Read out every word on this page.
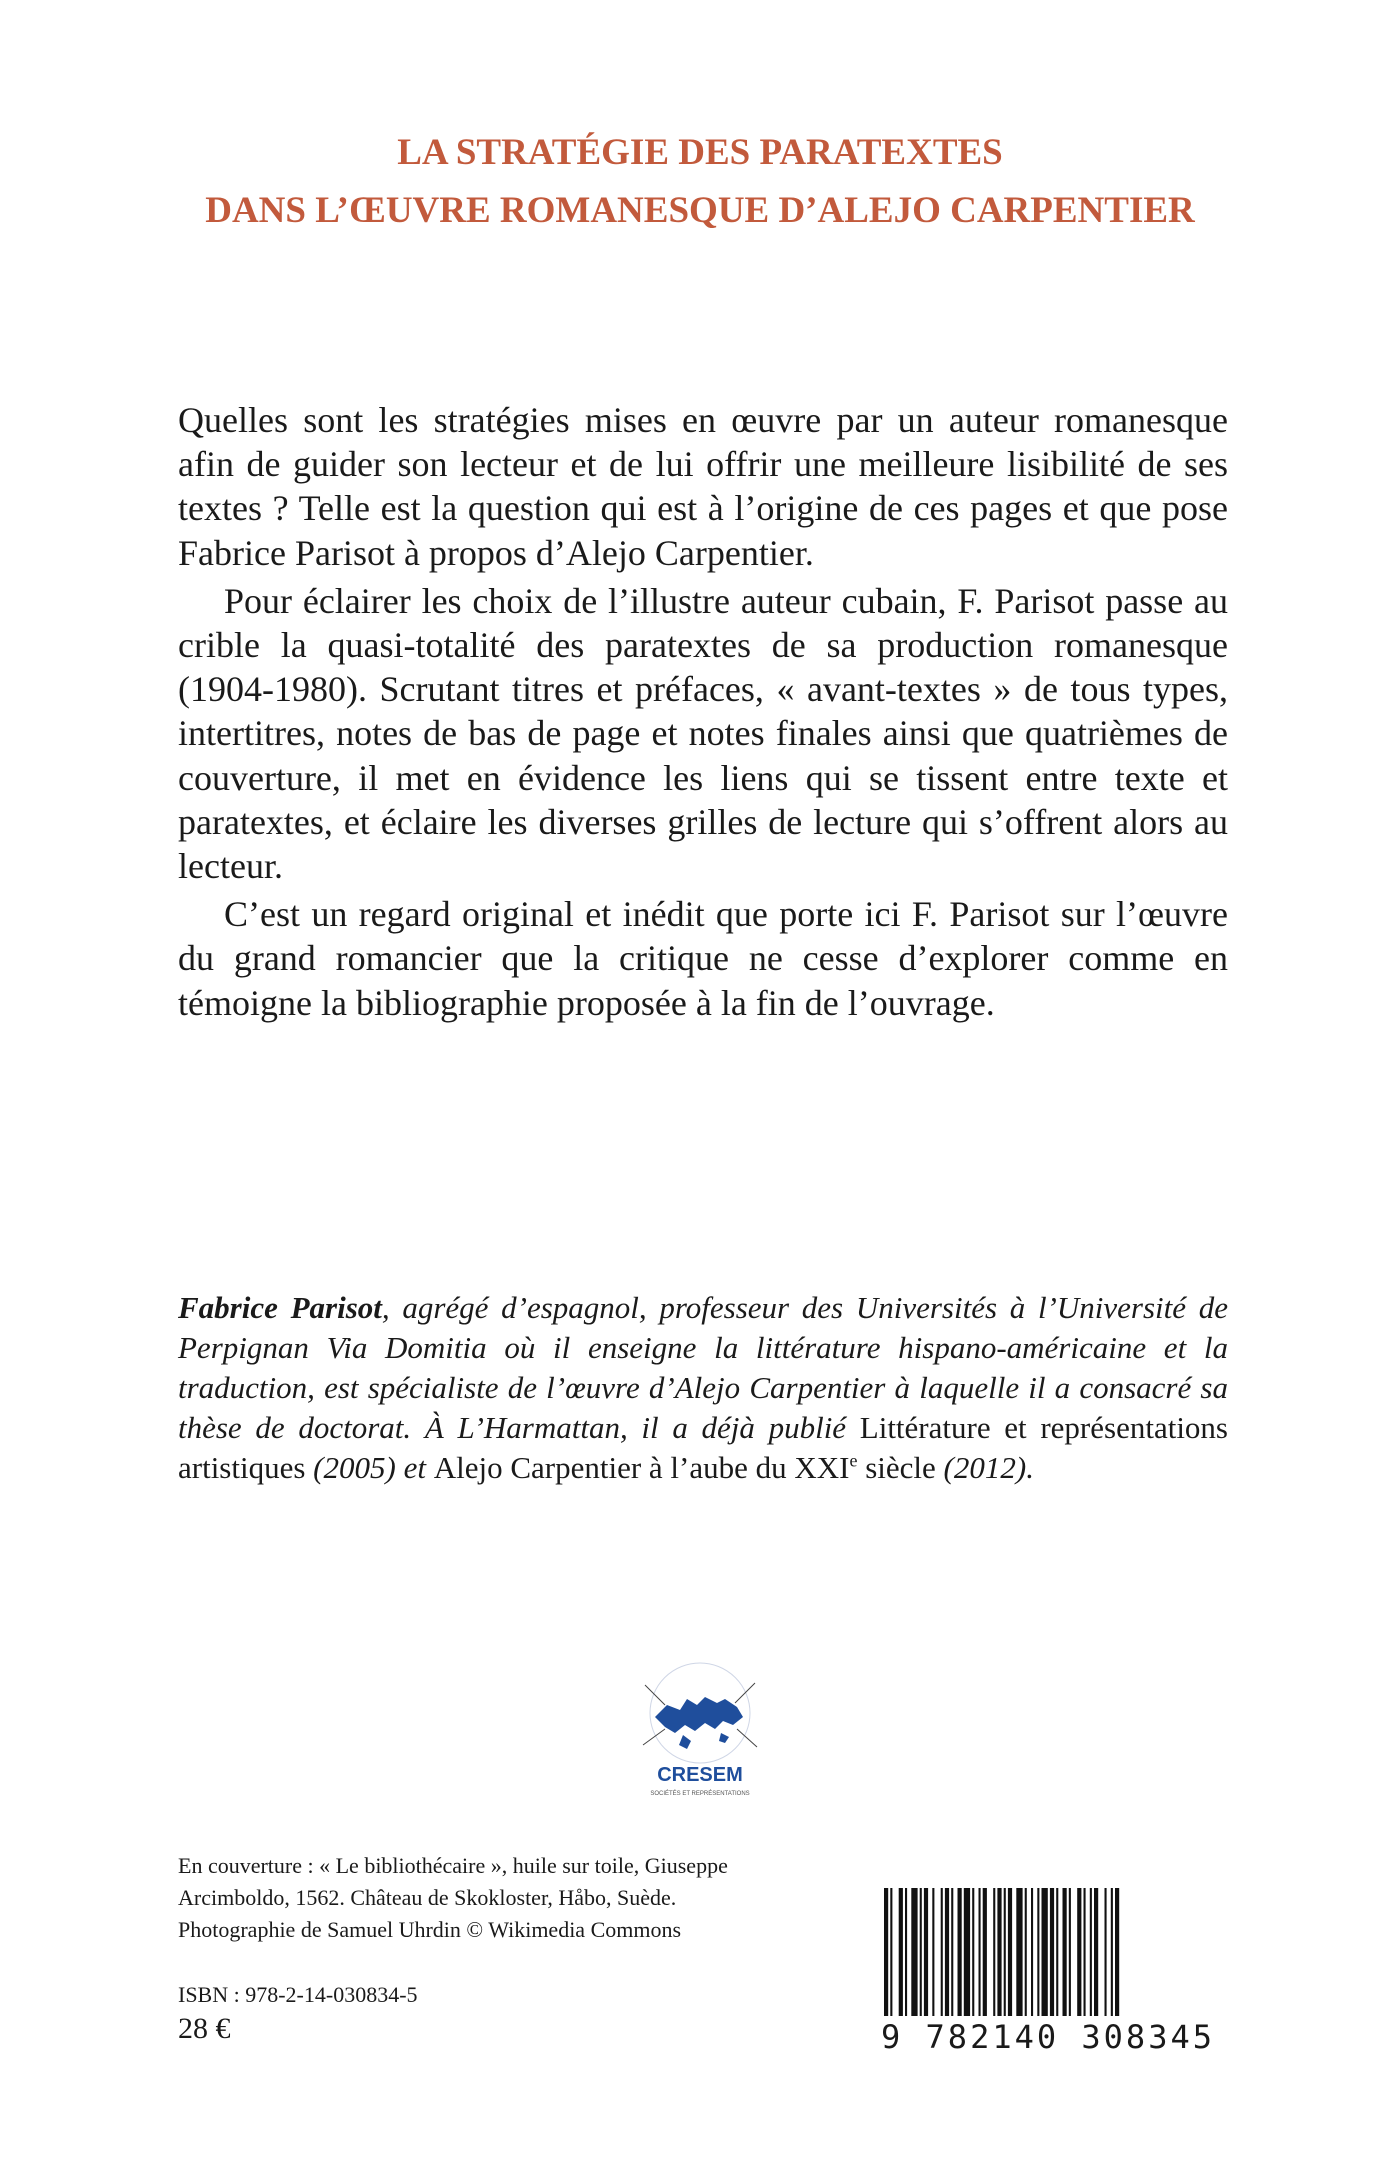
LA STRATÉGIE DES PARATEXTES
DANS L’ŒUVRE ROMANESQUE D’ALEJO CARPENTIER

Quelles sont les stratégies mises en œuvre par un auteur romanesque afin de guider son lecteur et de lui offrir une meilleure lisibilité de ses textes ? Telle est la question qui est à l’origine de ces pages et que pose Fabrice Parisot à propos d’Alejo Carpentier.

Pour éclairer les choix de l’illustre auteur cubain, F. Parisot passe au crible la quasi-totalité des paratextes de sa production romanesque (1904-1980). Scrutant titres et préfaces, « avant-textes » de tous types, intertitres, notes de bas de page et notes finales ainsi que quatrièmes de couverture, il met en évidence les liens qui se tissent entre texte et paratextes, et éclaire les diverses grilles de lecture qui s’offrent alors au lecteur.

C’est un regard original et inédit que porte ici F. Parisot sur l’œuvre du grand romancier que la critique ne cesse d’explorer comme en témoigne la bibliographie proposée à la fin de l’ouvrage.

Fabrice Parisot, agrégé d’espagnol, professeur des Universités à l’Université de Perpignan Via Domitia où il enseigne la littérature hispano-américaine et la traduction, est spécialiste de l’œuvre d’Alejo Carpentier à laquelle il a consacré sa thèse de doctorat. À L’Harmattan, il a déjà publié Littérature et représentations artistiques (2005) et Alejo Carpentier à l’aube du XXIe siècle (2012).

CRESEM
SOCIÉTÉS ET REPRÉSENTATIONS

En couverture : « Le bibliothécaire », huile sur toile, Giuseppe
Arcimboldo, 1562. Château de Skokloster, Håbo, Suède.
Photographie de Samuel Uhrdin © Wikimedia Commons

ISBN : 978-2-14-030834-5
28 €	9 782140 308345
